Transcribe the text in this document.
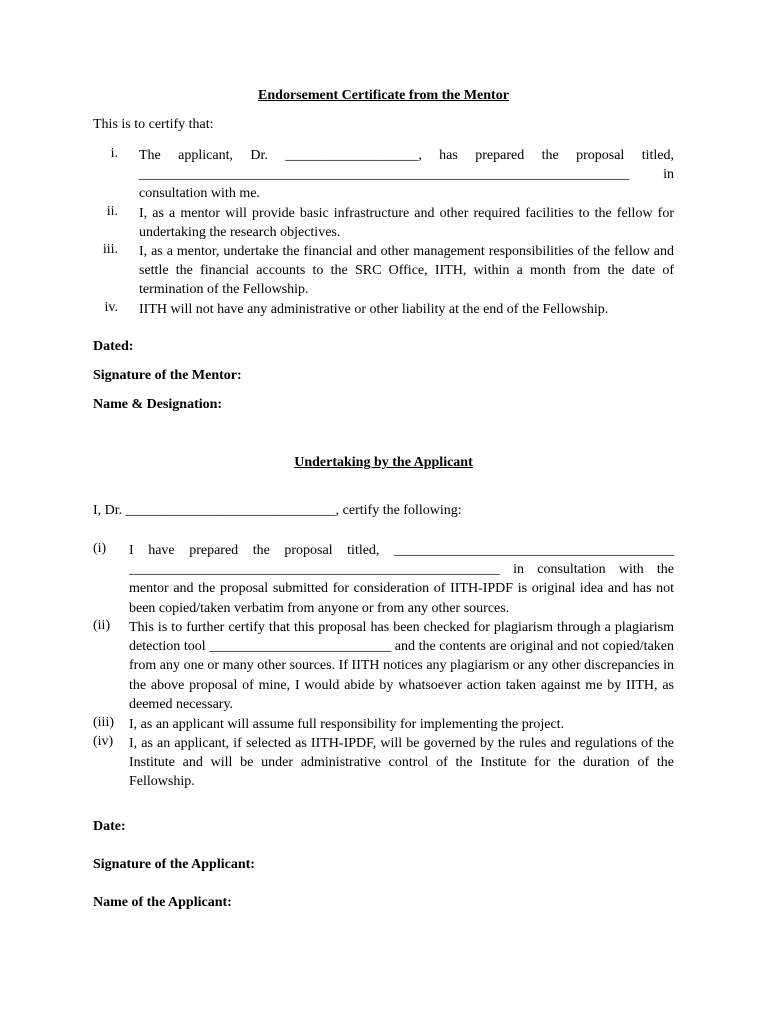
Endorsement Certificate from the Mentor
This is to certify that:
i. The applicant, Dr. ___________________, has prepared the proposal titled, ______________________________________________________________________ in consultation with me.
ii. I, as a mentor will provide basic infrastructure and other required facilities to the fellow for undertaking the research objectives.
iii. I, as a mentor, undertake the financial and other management responsibilities of the fellow and settle the financial accounts to the SRC Office, IITH, within a month from the date of termination of the Fellowship.
iv. IITH will not have any administrative or other liability at the end of the Fellowship.
Dated:
Signature of the Mentor:
Name & Designation:
Undertaking by the Applicant
I, Dr. ______________________________, certify the following:
(i)	I have prepared the proposal titled, ________________________________________ _____________________________________________________ in consultation with the mentor and the proposal submitted for consideration of IITH-IPDF is original idea and has not been copied/taken verbatim from anyone or from any other sources.
(ii)	This is to further certify that this proposal has been checked for plagiarism through a plagiarism detection tool __________________________ and the contents are original and not copied/taken from any one or many other sources. If IITH notices any plagiarism or any other discrepancies in the above proposal of mine, I would abide by whatsoever action taken against me by IITH, as deemed necessary.
(iii)	I, as an applicant will assume full responsibility for implementing the project.
(iv)	I, as an applicant, if selected as IITH-IPDF, will be governed by the rules and regulations of the Institute and will be under administrative control of the Institute for the duration of the Fellowship.
Date:
Signature of the Applicant:
Name of the Applicant:
